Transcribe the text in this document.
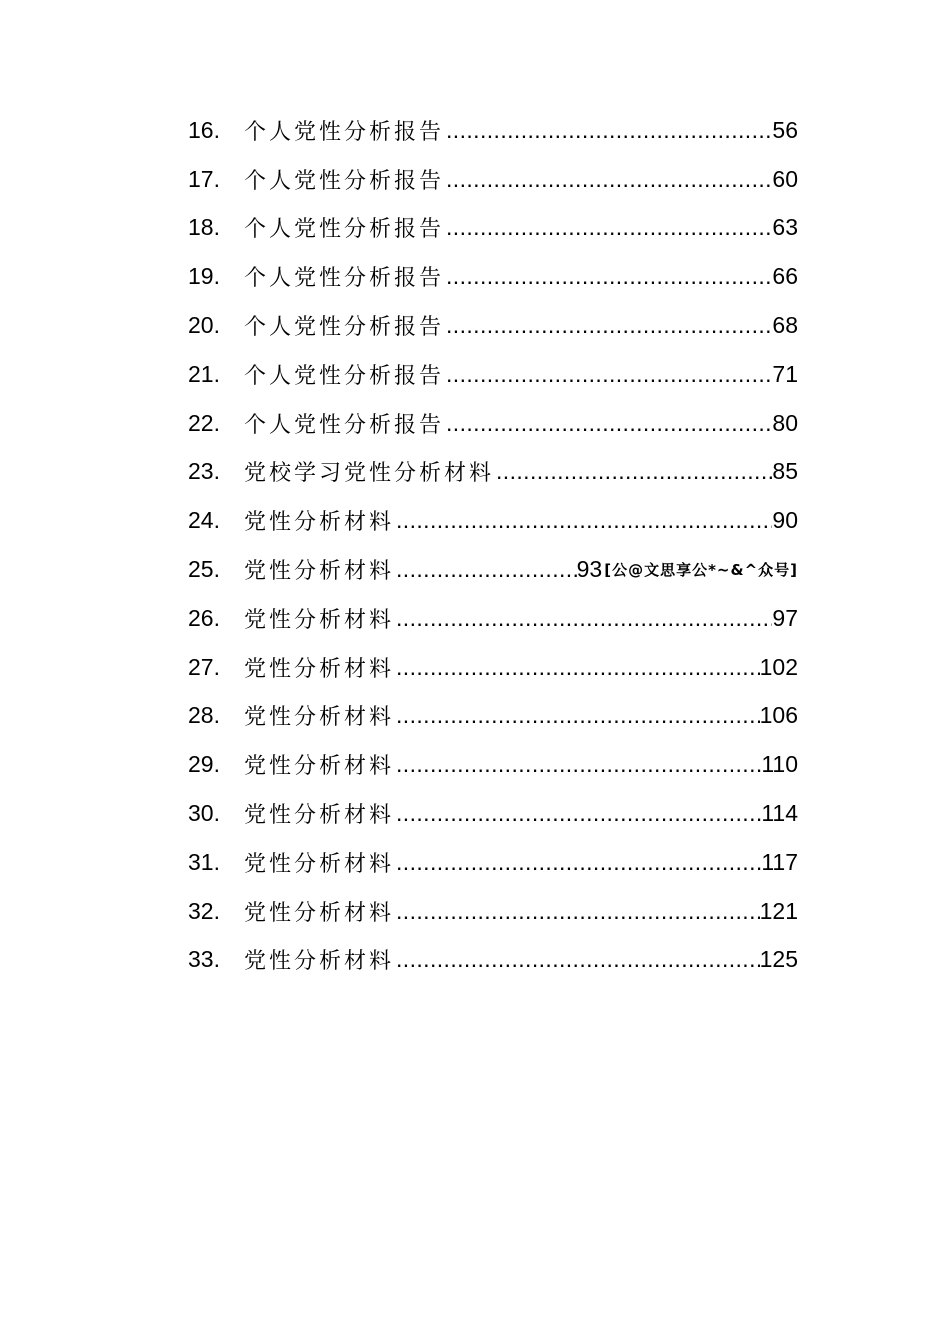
16.	个人党性分析报告 .....	56
17.	个人党性分析报告 .....	60
18.	个人党性分析报告 .....	63
19.	个人党性分析报告 .....	66
20.	个人党性分析报告 .....	68
21.	个人党性分析报告 .....	71
22.	个人党性分析报告 .....	80
23.	党校学习党性分析材料 .....	85
24.	党性分析材料 .....	90
25.	党性分析材料 .....	93 [公@文思享公*~&^众号]
26.	党性分析材料 .....	97
27.	党性分析材料 .....	102
28.	党性分析材料 .....	106
29.	党性分析材料 .....	110
30.	党性分析材料 .....	114
31.	党性分析材料 .....	117
32.	党性分析材料 .....	121
33.	党性分析材料 .....	125
